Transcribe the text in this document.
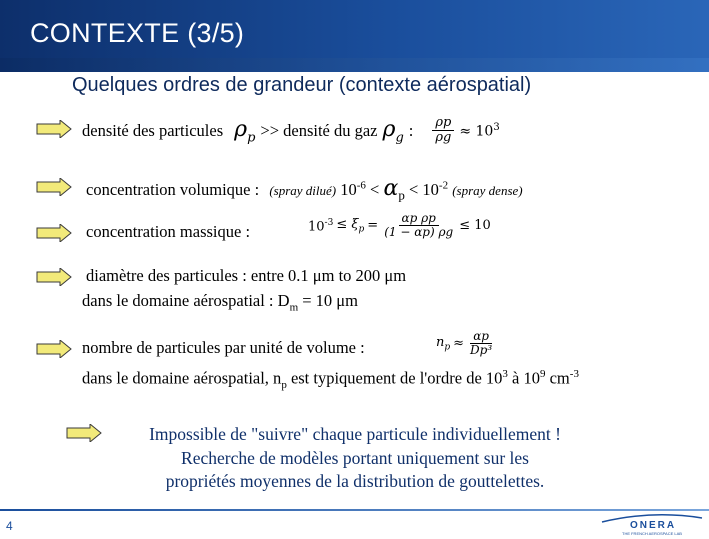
CONTEXTE (3/5)
Quelques ordres de grandeur (contexte aérospatial)
densité des particules $\rho_p$ >> densité du gaz $\rho_g$ : $\frac{\rho p}{\rho g} \approx 10^3$
concentration volumique : (spray dilué) $10^{-6} < \alpha_p < 10^{-2}$ (spray dense)
concentration massique :	$10^{-3} \le \xi_p = \frac{\text{αp ρp}}{(1 - \alpha p) \rho g} \le 10$
diamètre des particules : entre 0.1 μm to 200 μm
dans le domaine aérospatial : $D_m = 10$ μm
nombre de particules par unité de volume :	$n_p \approx \frac{\alpha p}{\text{Dp³}}$
dans le domaine aérospatial, $n_p$ est typiquement de l'ordre de $10^3$ à $10^9$ $cm^{-3}$
Impossible de "suivre" chaque particule individuellement !
Recherche de modèles portant uniquement sur les
propriétés moyennes de la distribution de gouttelettes.
4	ONERA
THE FRENCH AEROSPACE LAB
